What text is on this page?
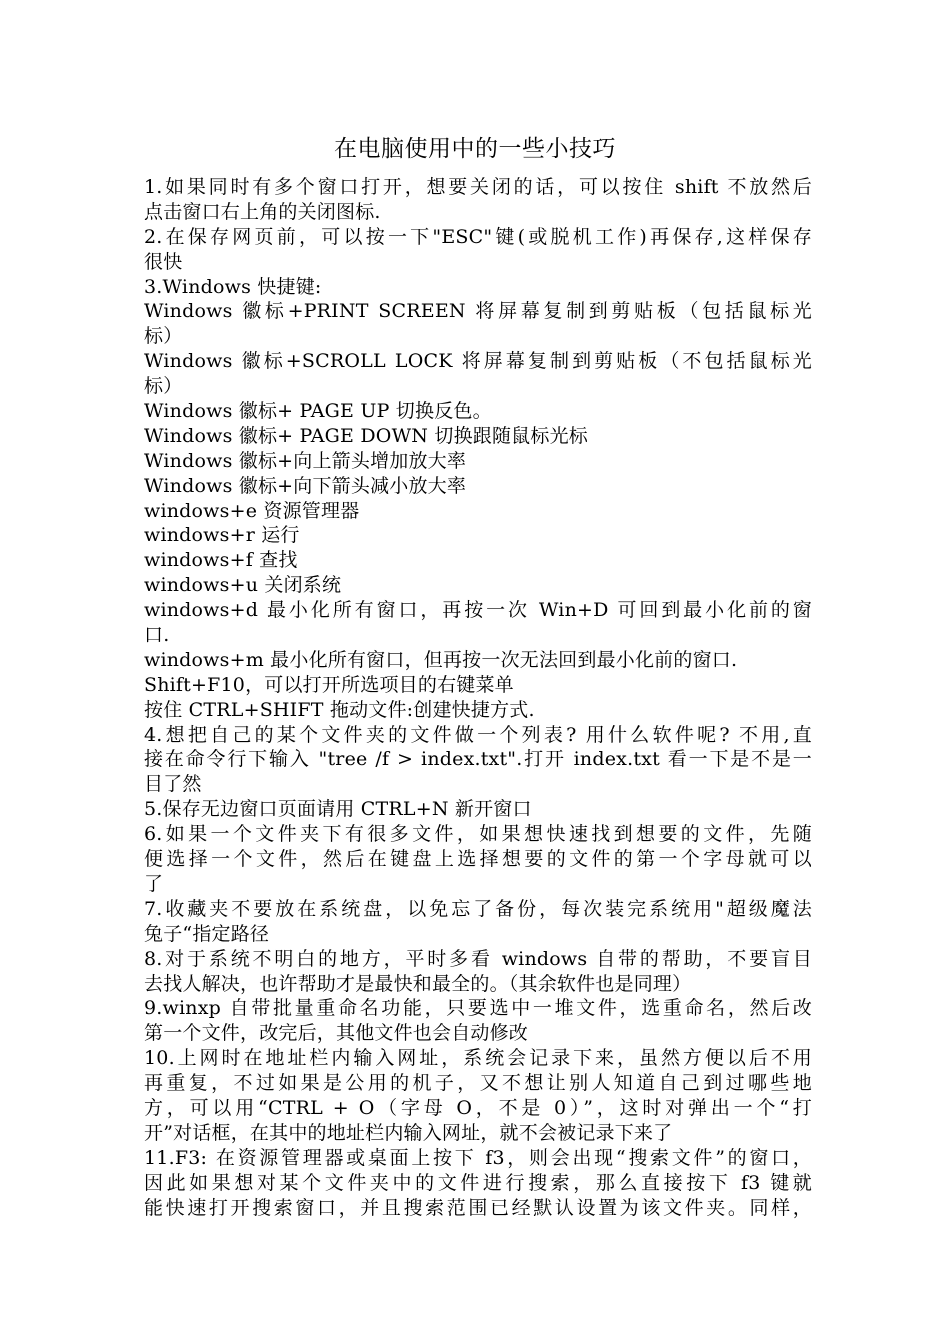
在电脑使用中的一些小技巧
1.如果同时有多个窗口打开，想要关闭的话，可以按住 shift 不放然后
点击窗口右上角的关闭图标.
2.在保存网页前，可以按一下"ESC"键(或脱机工作)再保存,这样保存
很快
3.Windows 快捷键:
Windows 徽标+PRINT SCREEN 将屏幕复制到剪贴板（包括鼠标光
标）
Windows 徽标+SCROLL LOCK 将屏幕复制到剪贴板（不包括鼠标光
标）
Windows 徽标+ PAGE UP 切换反色。
Windows 徽标+ PAGE DOWN 切换跟随鼠标光标
Windows 徽标+向上箭头增加放大率
Windows 徽标+向下箭头减小放大率
windows+e 资源管理器
windows+r 运行
windows+f 查找
windows+u 关闭系统
windows+d 最小化所有窗口，再按一次 Win+D 可回到最小化前的窗
口.
windows+m 最小化所有窗口，但再按一次无法回到最小化前的窗口.
Shift+F10，可以打开所选项目的右键菜单
按住 CTRL+SHIFT 拖动文件:创建快捷方式.
4.想把自己的某个文件夹的文件做一个列表? 用什么软件呢? 不用,直
接在命令行下输入 "tree /f > index.txt".打开 index.txt 看一下是不是一
目了然
5.保存无边窗口页面请用 CTRL+N 新开窗口
6.如果一个文件夹下有很多文件，如果想快速找到想要的文件，先随
便选择一个文件，然后在键盘上选择想要的文件的第一个字母就可以
了
7.收藏夹不要放在系统盘，以免忘了备份，每次装完系统用"超级魔法
兔子“指定路径
8.对于系统不明白的地方，平时多看 windows 自带的帮助，不要盲目
去找人解决，也许帮助才是最快和最全的。（其余软件也是同理）
9.winxp 自带批量重命名功能，只要选中一堆文件，选重命名，然后改
第一个文件，改完后，其他文件也会自动修改
10.上网时在地址栏内输入网址，系统会记录下来，虽然方便以后不用
再重复，不过如果是公用的机子，又不想让别人知道自己到过哪些地
方，可以用“CTRL + O（字母 O，不是 0）”，这时对弹出一个“打
开”对话框，在其中的地址栏内输入网址，就不会被记录下来了
11.F3: 在资源管理器或桌面上按下 f3，则会出现“搜索文件”的窗口，
因此如果想对某个文件夹中的文件进行搜索，那么直接按下 f3 键就
能快速打开搜索窗口，并且搜索范围已经默认设置为该文件夹。同样，
